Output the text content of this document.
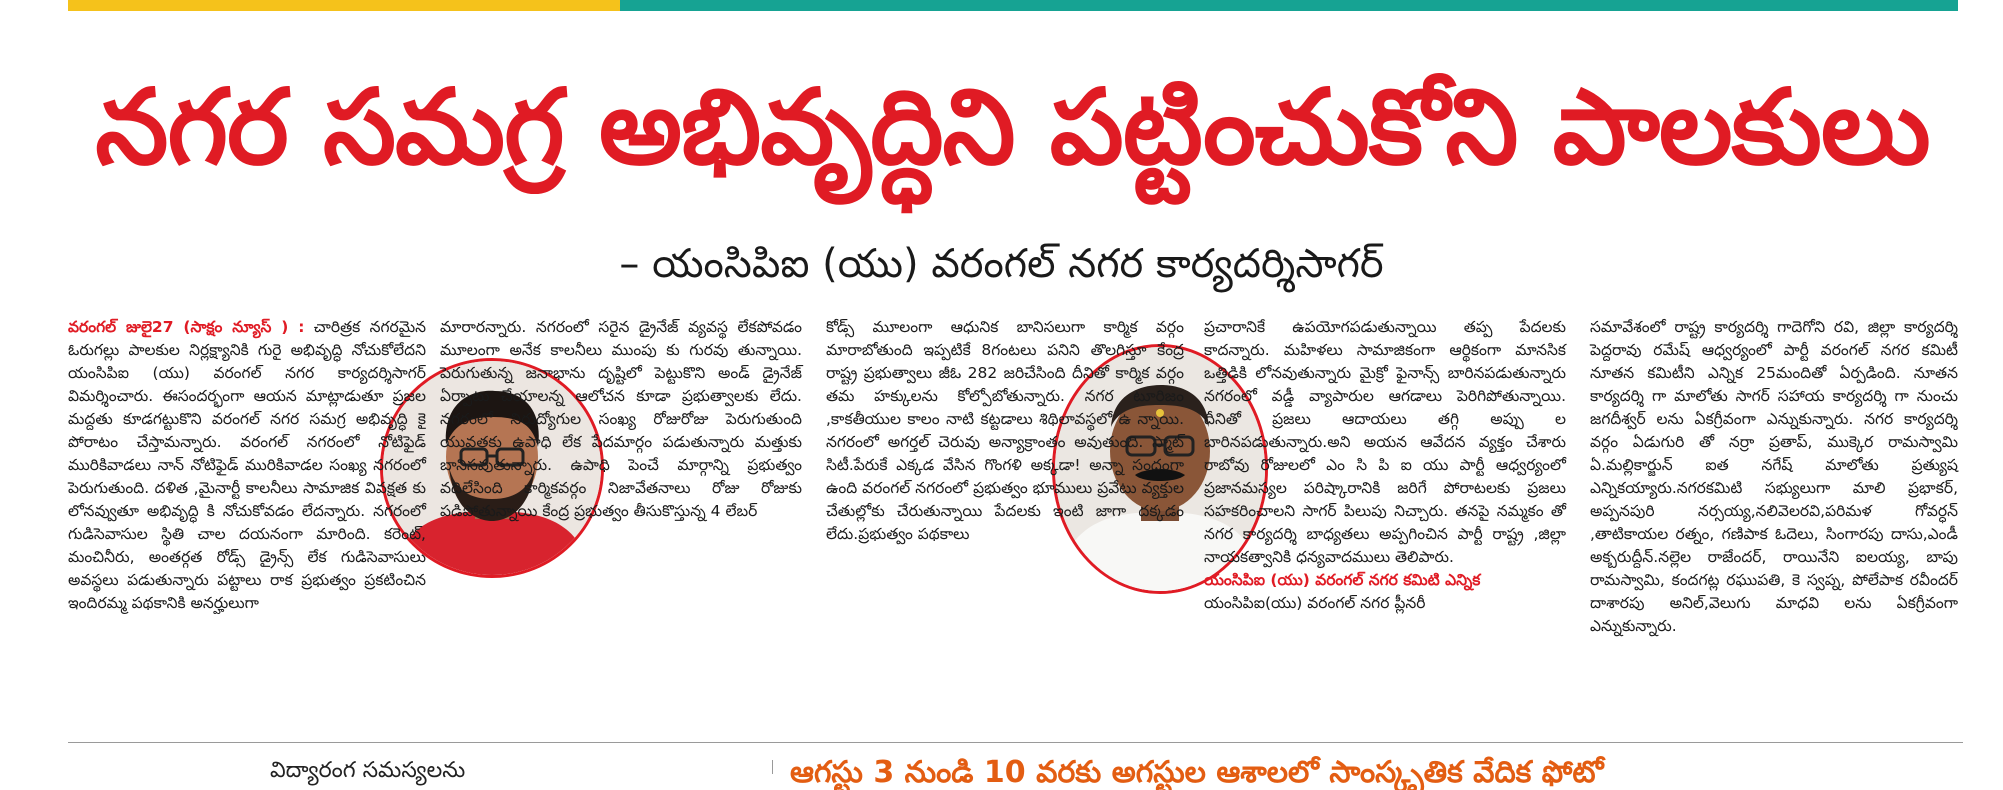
నగర సమగ్ర అభివృద్ధిని పట్టించుకోని పాలకులు
– యంసిపిఐ (యు) వరంగల్ నగర కార్యదర్శిసాగర్

వరంగల్ జులై27 (సాక్షం న్యూస్ ) : చారిత్రక నగరమైన ఓరుగల్లు పాలకుల నిర్లక్ష్యానికి గురై అభివృద్ధి నోచుకోలేదని యంసిపిఐ (యు) వరంగల్ నగర కార్యదర్శిసాగర్ విమర్శించారు. ఈసందర్భంగా ఆయన మాట్లాడుతూ ప్రజల మద్దతు కూడగట్టుకొని వరంగల్ నగర సమగ్ర అభివృద్ధి కై పోరాటం చేస్తామన్నారు. వరంగల్ నగరంలో నోటిఫైడ్ మురికివాడలు నాన్ నోటిఫైడ్ మురికివాడల సంఖ్య నగరంలో పెరుగుతుంది. దళిత ,మైనార్టీ కాలనీలు సామాజిక వివక్షత కు లోనవ్వుతూ అభివృద్ధి కి నోచుకోవడం లేదన్నారు. నగరంలో గుడిసెవాసుల స్థితి చాల దయనంగా మారింది. కరెంట్, మంచినీరు, అంతర్గత రోడ్స్ డ్రైన్స్ లేక గుడిసెవాసులు అవస్థలు పడుతున్నారు పట్టాలు రాక ప్రభుత్వం ప్రకటించిన ఇందిరమ్మ పథకానికి అనర్హులుగా

మారారన్నారు. నగరంలో సరైన డ్రైనేజ్ వ్యవస్థ లేకపోవడం మూలంగా అనేక కాలనీలు ముంపు కు గురవు తున్నాయి. పెరుగుతున్న జనాభాను దృష్టిలో పెట్టుకొని అండ్ డ్రైనేజ్ ఏర్పాటు చేయాలన్న ఆలోచన కూడా ప్రభుత్వాలకు లేదు. నగరంలో నిరుద్యోగుల సంఖ్య రోజురోజు పెరుగుతుంది యువతకు ఉపాధి లేక పేదమార్గం పడుతున్నారు మత్తుకు బానిసవుతున్నారు. ఉపాధి పెంచే మార్గాన్ని ప్రభుత్వం వదిలేసింది కార్మికవర్గం నిజావేతనాలు రోజు రోజుకు పడిపోతున్నాయి కేంద్ర ప్రభుత్వం తీసుకొస్తున్న 4 లేబర్

కోడ్స్ మూలంగా ఆధునిక బానిసలుగా కార్మిక వర్గం మారాబోతుంది ఇప్పటికే 8గంటలు పనిని తొలగిస్తూ కేంద్ర రాష్ట్ర ప్రభుత్వాలు జీఓ 282 జరిచేసింది దీనితో కార్మిక వర్గం తమ హక్కులను కోల్పోబోతున్నారు. నగర టూరిజం ,కాకతీయుల కాలం నాటి కట్టడాలు శిథిలావస్థలో ఉ న్నాయి. నగరంలో అగర్తల్ చెరువు అన్యాక్రాంతం అవుతుంది. స్మాట్ సిటీ.పేరుకే ఎక్కడ వేసిన గొంగళి అక్కడా! అన్నా సందంగా ఉంది వరంగల్ నగరంలో ప్రభుత్వం భూములు ప్రవేటు వ్యక్తుల చేతుల్లోకు చేరుతున్నాయి పేదలకు ఇంటి జాగా దక్కడం లేదు.ప్రభుత్వం పథకాలు

ప్రచారానికే ఉపయోగపడుతున్నాయి తప్ప పేదలకు కాదన్నారు. మహిళలు సామాజికంగా ఆర్థికంగా మానసిక ఒత్తిడికి లోనవుతున్నారు మైక్రో ఫైనాన్స్ బారినపడుతున్నారు నగరంలో వడ్డీ వ్యాపారుల ఆగడాలు పెరిగిపోతున్నాయి. దీనితో ప్రజలు ఆదాయలు తగ్గి అప్పు ల బారినపడుతున్నారు.అని అయన ఆవేదన వ్యక్తం చేశారు రాబోవు రోజులలో ఎం సి పి ఐ యు పార్టీ ఆధ్వర్యంలో ప్రజానమస్యల పరిష్కారానికి జరిగే పోరాటలకు ప్రజలు సహకరించాలని సాగర్ పిలుపు నిచ్చారు. తనపై నమ్మకం తో నగర కార్యదర్శి బాధ్యతలు అప్పగించిన పార్టీ రాష్ట్ర ,జిల్లా నాయకత్వానికి ధన్యవాదములు తెలిపారు.

యంసిపిఐ (యు) వరంగల్ నగర కమిటి ఎన్నిక

యంసిపిఐ(యు) వరంగల్ నగర ప్లీనరీ

సమావేశంలో రాష్ట్ర కార్యదర్శి గాదెగోని రవి, జిల్లా కార్యదర్శి పెద్దరావు రమేష్ ఆధ్వర్యంలో పార్టీ వరంగల్ నగర కమిటీ నూతన కమిటీని ఎన్నిక 25మందితో ఏర్పడింది. నూతన కార్యదర్శి గా మాలోతు సాగర్ సహాయ కార్యదర్శి గా నుంచు జగదీశ్వర్ లను ఏకగ్రీవంగా ఎన్నుకున్నారు. నగర కార్యదర్శి వర్గం ఏడుగురి తో నర్రా ప్రతాప్, ముక్కెర రామస్వామి ఏ.మల్లికార్జున్ ఐత నగేష్ మాలోతు ప్రత్యుష ఎన్నికయ్యారు.నగరకమిటి సభ్యులుగా మాలి ప్రభాకర్, అప్పనపురి నర్సయ్య,నలివెలరవి,పరిమళ గోవర్ధన్ ,తాటికాయల రత్నం, గణిపాక ఓదెలు, సింగారపు దాసు,ఎండీ అక్బరుద్దీన్.నల్లెల రాజేందర్, రాయినేని ఐలయ్య, బాపు రామస్వామి, కందగట్ల రఘుపతి, కె స్వప్న, పోలేపాక రవీందర్ దాశారపు అనిల్,వెలుగు మాధవి లను ఏకగ్రీవంగా ఎన్నుకున్నారు.

విద్యారంగ సమస్యలను	ఆగస్టు 3 నుండి 10 వరకు అగస్టుల ఆశాలలో సాంస్కృతిక వేదిక ఫోటో
